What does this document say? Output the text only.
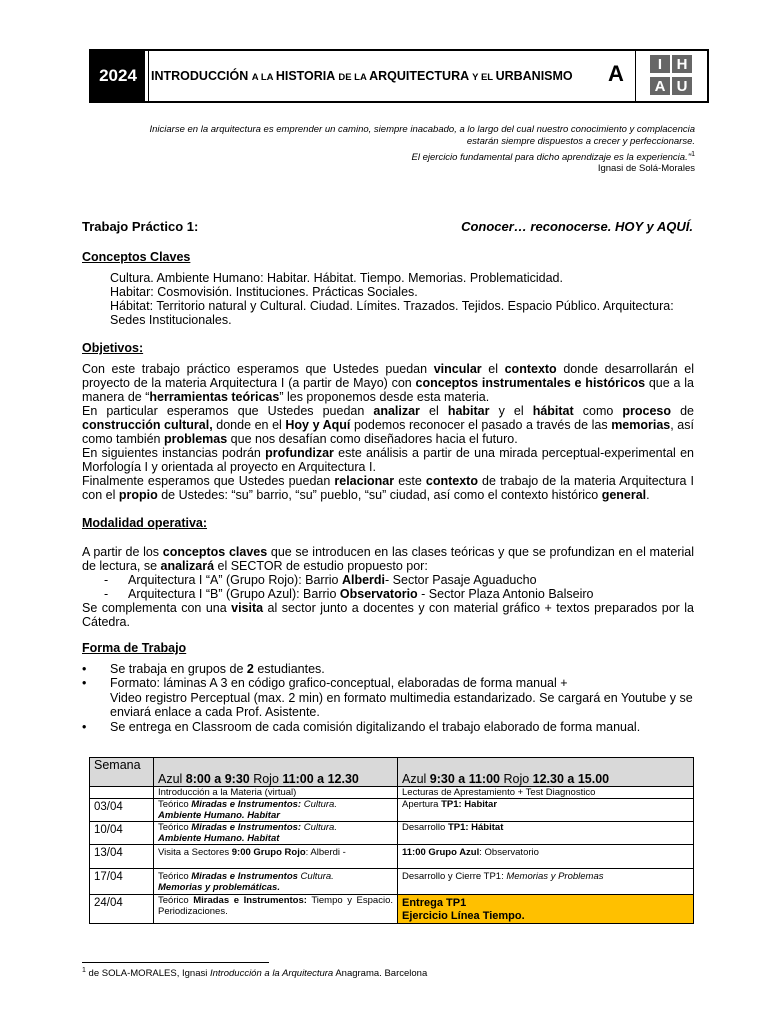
2024	INTRODUCCIÓN A LA HISTORIA DE LA ARQUITECTURA Y EL URBANISMO A	I H
A U
Iniciarse en la arquitectura es emprender un camino, siempre inacabado, a lo largo del cual nuestro conocimiento y complacencia
estarán siempre dispuestos a crecer y perfeccionarse.
El ejercicio fundamental para dicho aprendizaje es la experiencia."$^1$
Ignasi de Solá-Morales
Trabajo Práctico 1:	Conocer… reconocerse. HOY y AQUÍ.
Conceptos Claves
Cultura. Ambiente Humano: Habitar. Hábitat. Tiempo. Memorias. Problematicidad.
Habitar: Cosmovisión. Instituciones. Prácticas Sociales.
Hábitat: Territorio natural y Cultural. Ciudad. Límites. Trazados. Tejidos. Espacio Público. Arquitectura: Sedes Institucionales.
Objetivos:
Con este trabajo práctico esperamos que Ustedes puedan vincular el contexto donde desarrollarán el proyecto de la materia Arquitectura I (a partir de Mayo) con conceptos instrumentales e históricos que a la manera de “herramientas teóricas” les proponemos desde esta materia.
En particular esperamos que Ustedes puedan analizar el habitar y el hábitat como proceso de construcción cultural, donde en el Hoy y Aquí podemos reconocer el pasado a través de las memorias, así como también problemas que nos desafían como diseñadores hacia el futuro.
En siguientes instancias podrán profundizar este análisis a partir de una mirada perceptual-experimental en Morfología I y orientada al proyecto en Arquitectura I.
Finalmente esperamos que Ustedes puedan relacionar este contexto de trabajo de la materia Arquitectura I con el propio de Ustedes: “su” barrio, “su” pueblo, “su” ciudad, así como el contexto histórico general.
Modalidad operativa:
A partir de los conceptos claves que se introducen en las clases teóricas y que se profundizan en el material de lectura, se analizará el SECTOR de estudio propuesto por:
- Arquitectura I “A” (Grupo Rojo): Barrio Alberdi- Sector Pasaje Aguaducho
- Arquitectura I “B” (Grupo Azul): Barrio Observatorio - Sector Plaza Antonio Balseiro
Se complementa con una visita al sector junto a docentes y con material gráfico + textos preparados por la Cátedra.
Forma de Trabajo
• Se trabaja en grupos de 2 estudiantes.
• Formato: láminas A 3 en código grafico-conceptual, elaboradas de forma manual +
Video registro Perceptual (max. 2 min) en formato multimedia estandarizado. Se cargará en Youtube y se enviará enlace a cada Prof. Asistente.
• Se entrega en Classroom de cada comisión digitalizando el trabajo elaborado de forma manual.
Semana	Azul 8:00 a 9:30 Rojo 11:00 a 12.30	Azul 9:30 a 11:00 Rojo 12.30 a 15.00
	Introducción a la Materia (virtual)	Lecturas de Aprestamiento + Test Diagnostico
03/04	Teórico Miradas e Instrumentos: Cultura.
Ambiente Humano. Habitar	Apertura TP1: Habitar
10/04	Teórico Miradas e Instrumentos: Cultura.
Ambiente Humano. Habitat	Desarrollo TP1: Hábitat
13/04	Visita a Sectores 9:00 Grupo Rojo: Alberdi -	11:00 Grupo Azul: Observatorio
17/04	Teórico Miradas e Instrumentos Cultura.
Memorias y problemáticas.	Desarrollo y Cierre TP1: Memorias y Problemas
24/04	Teórico Miradas e Instrumentos: Tiempo y Espacio. Periodizaciones.	Entrega TP1
Ejercicio Línea Tiempo.
$^1$ de SOLA-MORALES, Ignasi Introducción a la Arquitectura Anagrama. Barcelona
